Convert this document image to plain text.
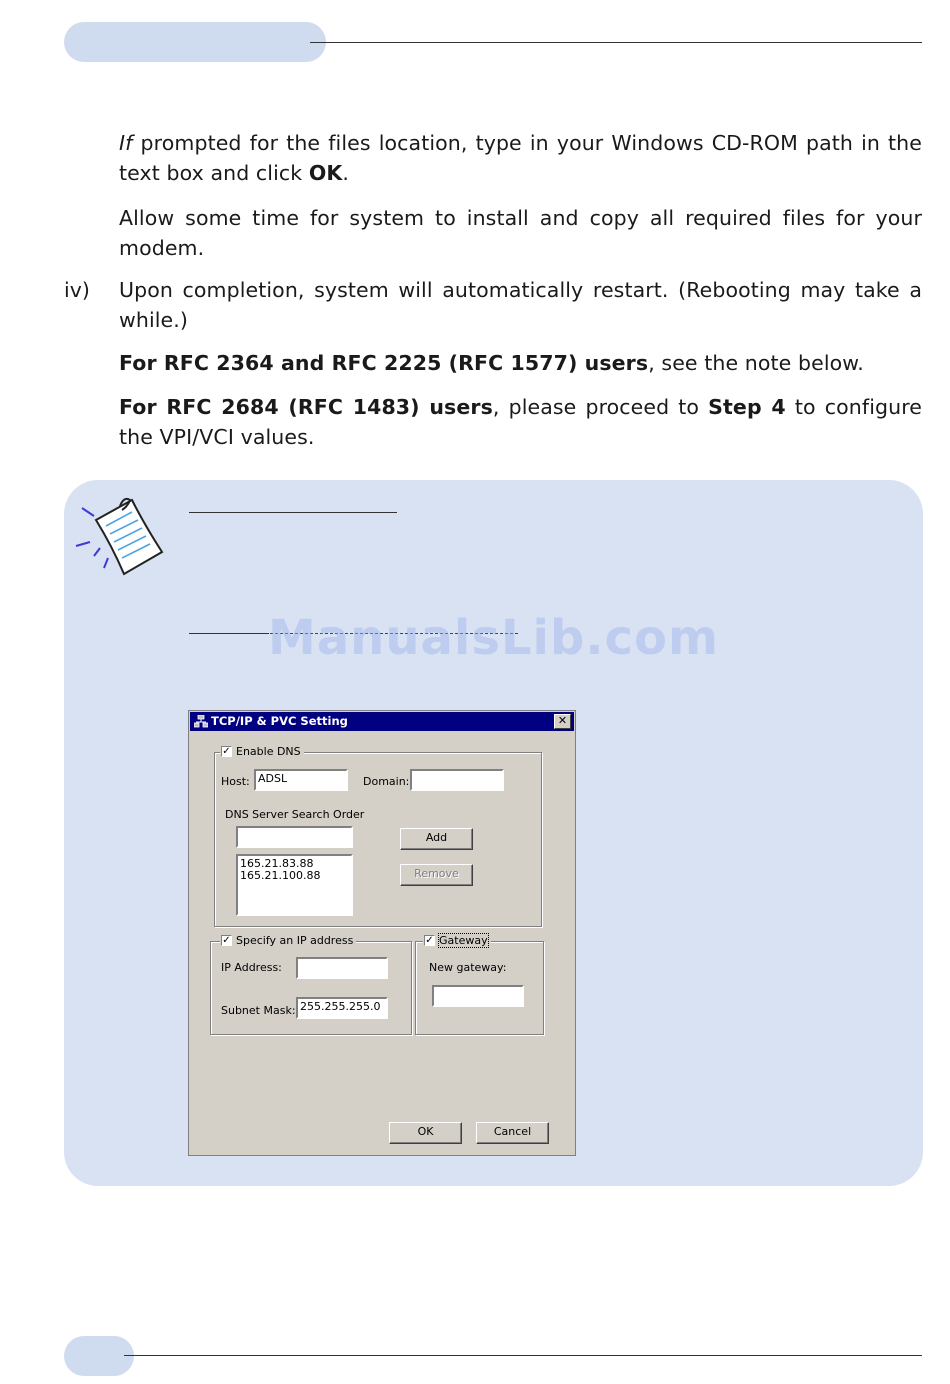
If prompted for the files location, type in your Windows CD-ROM path in the text box and click OK.

Allow some time for system to install and copy all required files for your modem.

iv) Upon completion, system will automatically restart. (Rebooting may take a while.)

For RFC 2364 and RFC 2225 (RFC 1577) users, see the note below.

For RFC 2684 (RFC 1483) users, please proceed to Step 4 to configure the VPI/VCI values.

ManualsLib.com
TCP/IP & PVC Setting	✕
✓ Enable DNS
Host: ADSL	Domain:
DNS Server Search Order
165.21.83.88
165.21.100.88
Add
Remove
✓ Specify an IP address
IP Address:
Subnet Mask: 255.255.255.0
✓ Gateway
New gateway:
OK	Cancel
